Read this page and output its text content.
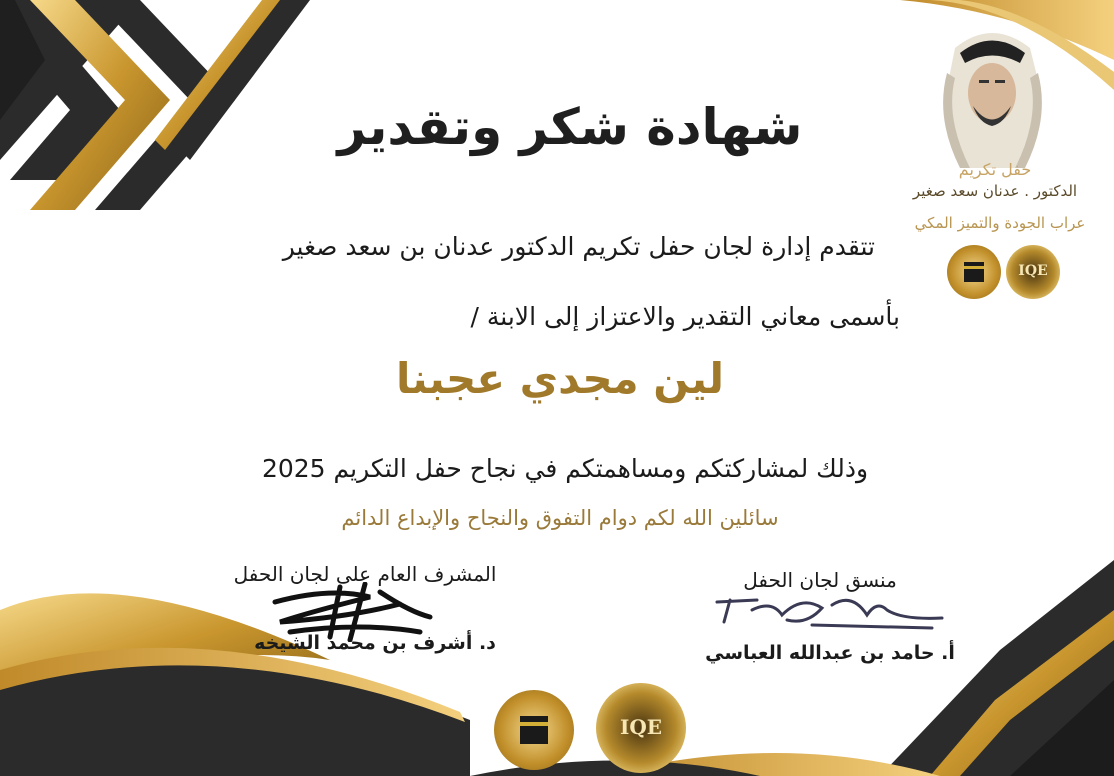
حفل تكريم
الدكتور . عدنان سعد صغير
عراب الجودة والتميز المكي
IQE
شهادة شكر وتقدير
تتقدم إدارة لجان حفل تكريم الدكتور عدنان بن سعد صغير
بأسمى معاني التقدير والاعتزاز إلى الابنة /
لين مجدي عجبنا
وذلك لمشاركتكم ومساهمتكم في نجاح حفل التكريم 2025
سائلين الله لكم دوام التفوق والنجاح والإبداع الدائم
المشرف العام على لجان الحفل
د. أشرف بن محمد الشيخه
منسق لجان الحفل
أ. حامد بن عبدالله العباسي
IQE
